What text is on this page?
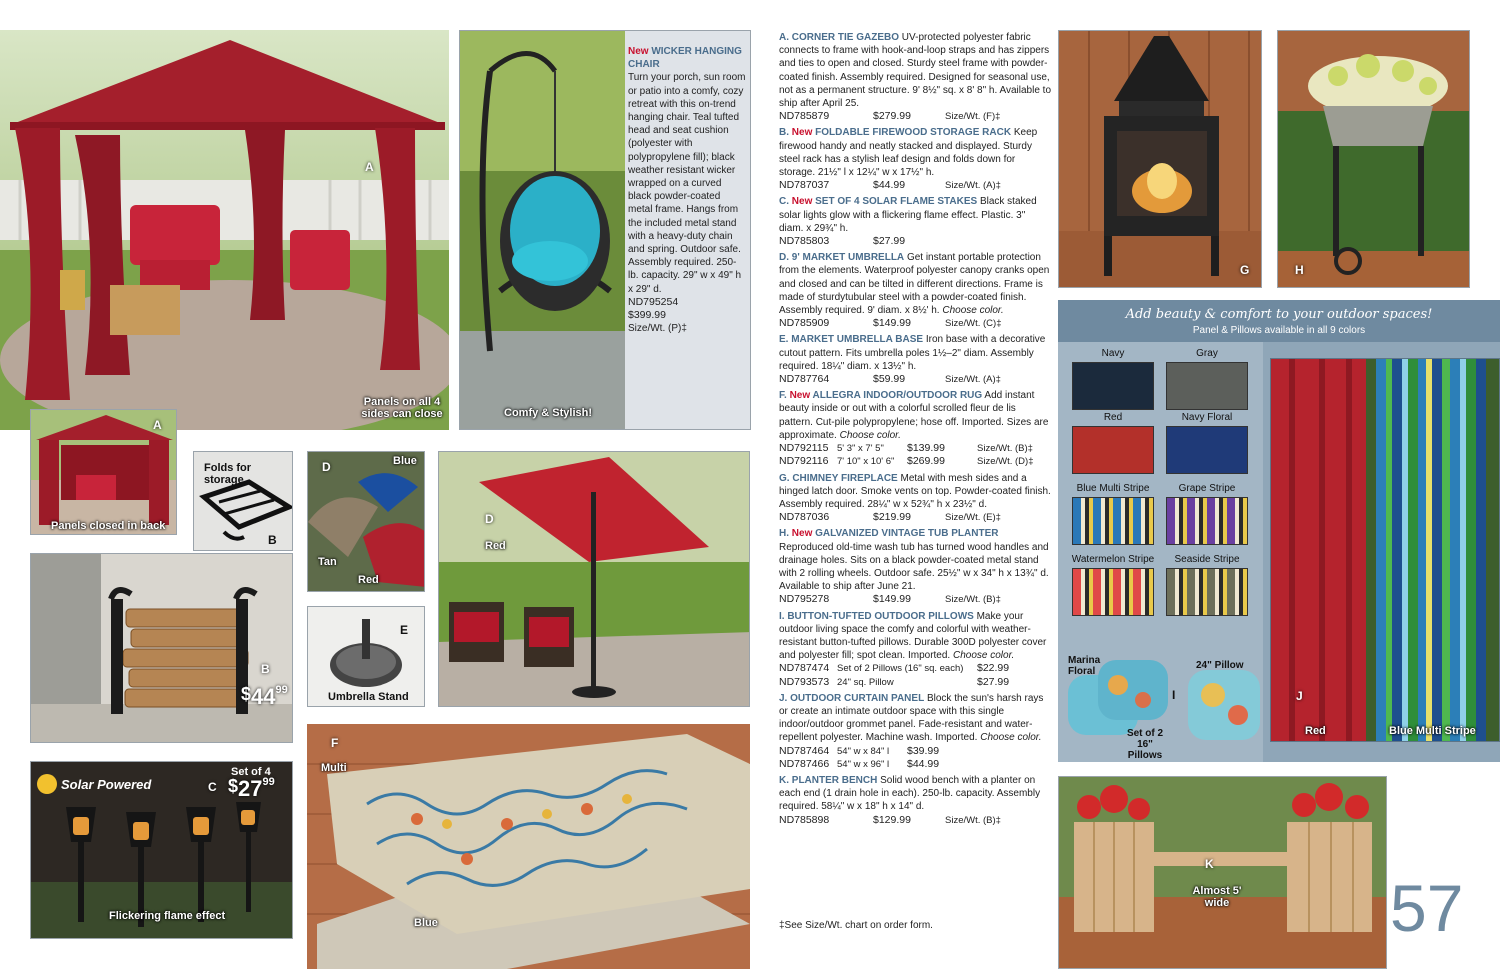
A
Panels on all 4 sides can close
A
Panels closed in back
Folds for storage
B
B
$\$44^{99}$
Solar Powered	C
Set of 4
$\$27^{99}$
Flickering flame effect
D	Blue
Tan
Red
E
Umbrella Stand
D
Red
F
Multi
Blue
Comfy & Stylish!
New WICKER HANGING CHAIR
Turn your porch, sun room or patio into a comfy, cozy retreat with this on-trend hanging chair. Teal tufted head and seat cushion (polyester with polypropylene fill); black weather resistant wicker wrapped on a curved black powder-coated metal frame. Hangs from the included metal stand with a heavy-duty chain and spring. Outdoor safe. Assembly required. 250-lb. capacity. 29" w x 49" h x 29" d.
ND795254
$399.99
Size/Wt. (P)‡
A. CORNER TIE GAZEBO UV-protected polyester fabric connects to frame with hook-and-loop straps and has zippers and ties to open and closed. Sturdy steel frame with powder-coated finish. Assembly required. Designed for seasonal use, not as a permanent structure. 9' 8½" sq. x 8' 8" h. Available to ship after April 25.
ND785879	$279.99	Size/Wt. (F)‡
B. New FOLDABLE FIREWOOD STORAGE RACK Keep firewood handy and neatly stacked and displayed. Sturdy steel rack has a stylish leaf design and folds down for storage. 21½" l x 12¼" w x 17½" h.
ND787037	$44.99	Size/Wt. (A)‡
C. New SET OF 4 SOLAR FLAME STAKES Black staked solar lights glow with a flickering flame effect. Plastic. 3" diam. x 29¾" h.
ND785803	$27.99
D. 9' MARKET UMBRELLA Get instant portable protection from the elements. Waterproof polyester canopy cranks open and closed and can be tilted in different directions. Frame is made of sturdytubular steel with a powder-coated finish. Assembly required. 9' diam. x 8½' h. Choose color.
ND785909	$149.99	Size/Wt. (C)‡
E. MARKET UMBRELLA BASE Iron base with a decorative cutout pattern. Fits umbrella poles 1½–2" diam. Assembly required. 18¼" diam. x 13½" h.
ND787764	$59.99	Size/Wt. (A)‡
F. New ALLEGRA INDOOR/OUTDOOR RUG Add instant beauty inside or out with a colorful scrolled fleur de lis pattern. Cut-pile polypropylene; hose off. Imported. Sizes are approximate. Choose color.
ND792115 5' 3" x 7' 5"	$139.99	Size/Wt. (B)‡
ND792116 7' 10" x 10' 6"	$269.99	Size/Wt. (D)‡
G. CHIMNEY FIREPLACE Metal with mesh sides and a hinged latch door. Smoke vents on top. Powder-coated finish. Assembly required. 28¼" w x 52¾" h x 23½" d.
ND787036	$219.99	Size/Wt. (E)‡
H. New GALVANIZED VINTAGE TUB PLANTER Reproduced old-time wash tub has turned wood handles and drainage holes. Sits on a black powder-coated metal stand with 2 rolling wheels. Outdoor safe. 25½" w x 34" h x 13¾" d. Available to ship after June 21.
ND795278	$149.99	Size/Wt. (B)‡
I. BUTTON-TUFTED OUTDOOR PILLOWS Make your outdoor living space the comfy and colorful with weather-resistant button-tufted pillows. Durable 300D polyester cover and polyester fill; spot clean. Imported. Choose color.
ND787474 Set of 2 Pillows (16" sq. each)	$22.99
ND793573 24" sq. Pillow	$27.99
J. OUTDOOR CURTAIN PANEL Block the sun's harsh rays or create an intimate outdoor space with this single indoor/outdoor grommet panel. Fade-resistant and water-repellent polyester. Machine wash. Imported. Choose color.
ND787464 54" w x 84" l	$39.99
ND787466 54" w x 96" l	$44.99
K. PLANTER BENCH Solid wood bench with a planter on each end (1 drain hole in each). 250-lb. capacity. Assembly required. 58¼" w x 18" h x 14" d.
ND785898	$129.99	Size/Wt. (B)‡
‡See Size/Wt. chart on order form.
G	H
Add beauty & comfort to your outdoor spaces!
Panel & Pillows available in all 9 colors
Navy	Gray
Red	Navy Floral
Blue Multi Stripe	Grape Stripe
Watermelon Stripe	Seaside Stripe
Marina Floral
24" Pillow
I
Set of 2 16" Pillows
J
Red	Blue Multi Stripe
K
Almost 5' wide 57
